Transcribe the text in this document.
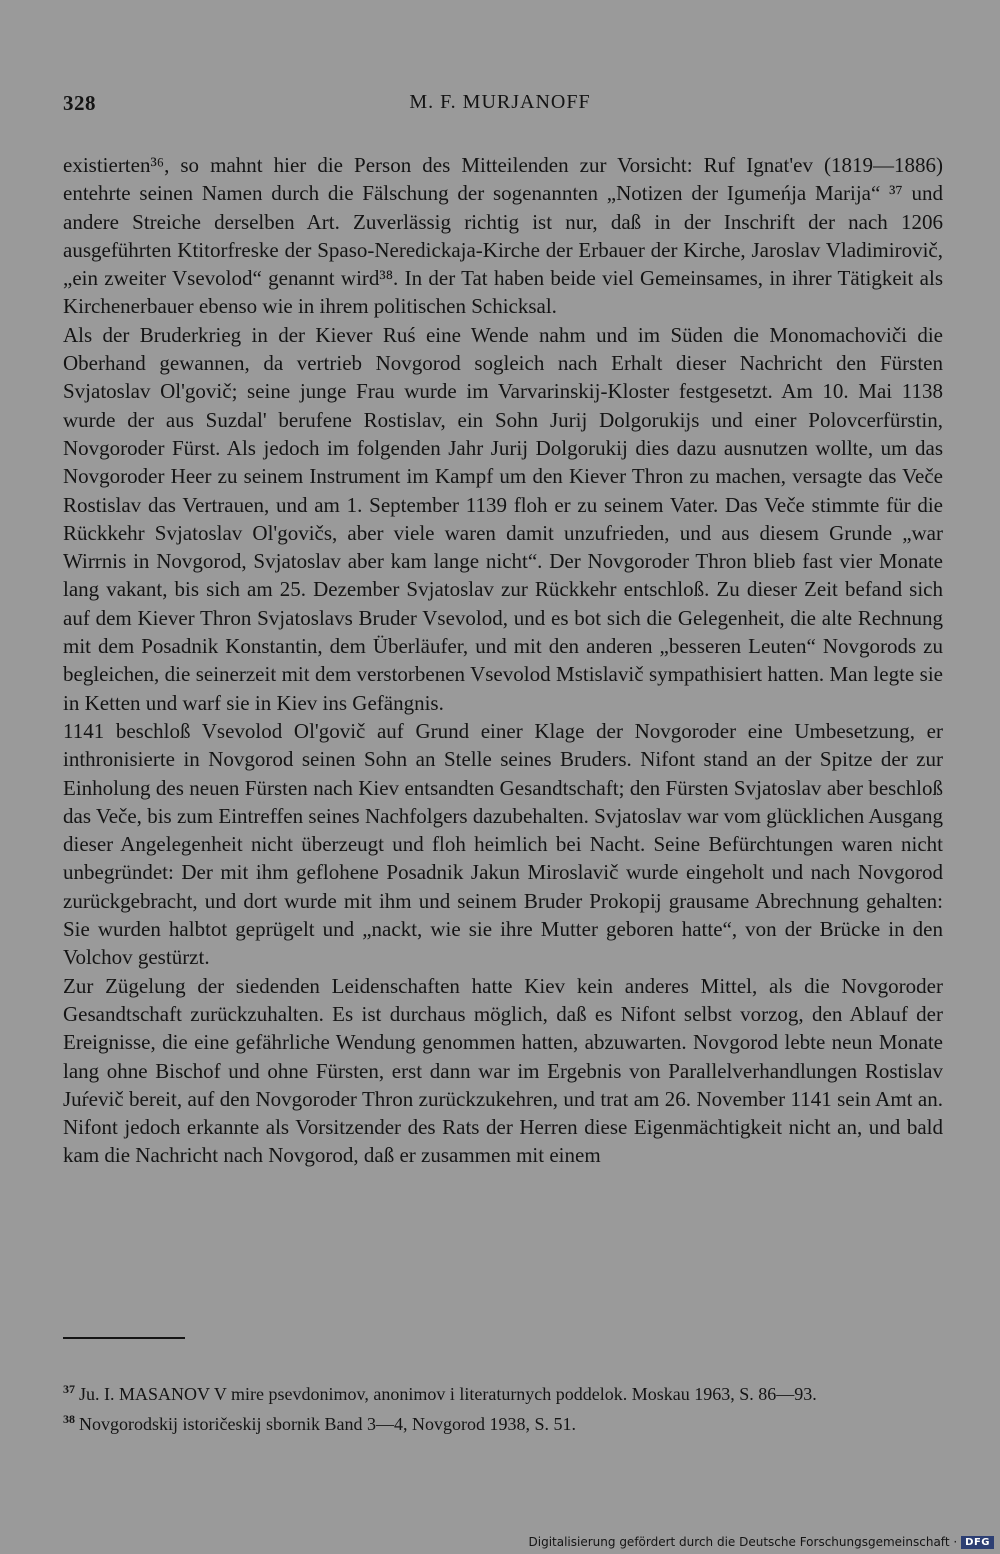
328	M. F. MURJANOFF

existierten³⁶, so mahnt hier die Person des Mitteilenden zur Vorsicht: Ruf Ignat'ev (1819—1886) entehrte seinen Namen durch die Fälschung der sogenannten „Notizen der Igumeńja Marija“ ³⁷ und andere Streiche derselben Art. Zuverlässig richtig ist nur, daß in der Inschrift der nach 1206 ausgeführten Ktitorfreske der Spaso-Neredickaja-Kirche der Erbauer der Kirche, Jaroslav Vladimirovič, „ein zweiter Vsevolod“ genannt wird³⁸. In der Tat haben beide viel Gemeinsames, in ihrer Tätigkeit als Kirchenerbauer ebenso wie in ihrem politischen Schicksal.

Als der Bruderkrieg in der Kiever Ruś eine Wende nahm und im Süden die Monomachoviči die Oberhand gewannen, da vertrieb Novgorod sogleich nach Erhalt dieser Nachricht den Fürsten Svjatoslav Ol'govič; seine junge Frau wurde im Varvarinskij-Kloster festgesetzt. Am 10. Mai 1138 wurde der aus Suzdal' berufene Rostislav, ein Sohn Jurij Dolgorukijs und einer Polovcerfürstin, Novgoroder Fürst. Als jedoch im folgenden Jahr Jurij Dolgorukij dies dazu ausnutzen wollte, um das Novgoroder Heer zu seinem Instrument im Kampf um den Kiever Thron zu machen, versagte das Veče Rostislav das Vertrauen, und am 1. September 1139 floh er zu seinem Vater. Das Veče stimmte für die Rückkehr Svjatoslav Ol'govičs, aber viele waren damit unzufrieden, und aus diesem Grunde „war Wirrnis in Novgorod, Svjatoslav aber kam lange nicht“. Der Novgoroder Thron blieb fast vier Monate lang vakant, bis sich am 25. Dezember Svjatoslav zur Rückkehr entschloß. Zu dieser Zeit befand sich auf dem Kiever Thron Svjatoslavs Bruder Vsevolod, und es bot sich die Gelegenheit, die alte Rechnung mit dem Posadnik Konstantin, dem Überläufer, und mit den anderen „besseren Leuten“ Novgorods zu begleichen, die seinerzeit mit dem verstorbenen Vsevolod Mstislavič sympathisiert hatten. Man legte sie in Ketten und warf sie in Kiev ins Gefängnis.

1141 beschloß Vsevolod Ol'govič auf Grund einer Klage der Novgoroder eine Umbesetzung, er inthronisierte in Novgorod seinen Sohn an Stelle seines Bruders. Nifont stand an der Spitze der zur Einholung des neuen Fürsten nach Kiev entsandten Gesandtschaft; den Fürsten Svjatoslav aber beschloß das Veče, bis zum Eintreffen seines Nachfolgers dazubehalten. Svjatoslav war vom glücklichen Ausgang dieser Angelegenheit nicht überzeugt und floh heimlich bei Nacht. Seine Befürchtungen waren nicht unbegründet: Der mit ihm geflohene Posadnik Jakun Miroslavič wurde eingeholt und nach Novgorod zurückgebracht, und dort wurde mit ihm und seinem Bruder Prokopij grausame Abrechnung gehalten: Sie wurden halbtot geprügelt und „nackt, wie sie ihre Mutter geboren hatte“, von der Brücke in den Volchov gestürzt.

Zur Zügelung der siedenden Leidenschaften hatte Kiev kein anderes Mittel, als die Novgoroder Gesandtschaft zurückzuhalten. Es ist durchaus möglich, daß es Nifont selbst vorzog, den Ablauf der Ereignisse, die eine gefährliche Wendung genommen hatten, abzuwarten. Novgorod lebte neun Monate lang ohne Bischof und ohne Fürsten, erst dann war im Ergebnis von Parallelverhandlungen Rostislav Juŕevič bereit, auf den Novgoroder Thron zurückzukehren, und trat am 26. November 1141 sein Amt an. Nifont jedoch erkannte als Vorsitzender des Rats der Herren diese Eigenmächtigkeit nicht an, und bald kam die Nachricht nach Novgorod, daß er zusammen mit einem

$^{37}$ Ju. I. MASANOV V mire psevdonimov, anonimov i literaturnych poddelok. Moskau 1963, S. 86—93.

$^{38}$ Novgorodskij istoričeskij sbornik Band 3—4, Novgorod 1938, S. 51.

Digitalisierung gefördert durch die Deutsche Forschungsgemeinschaft · DFG
